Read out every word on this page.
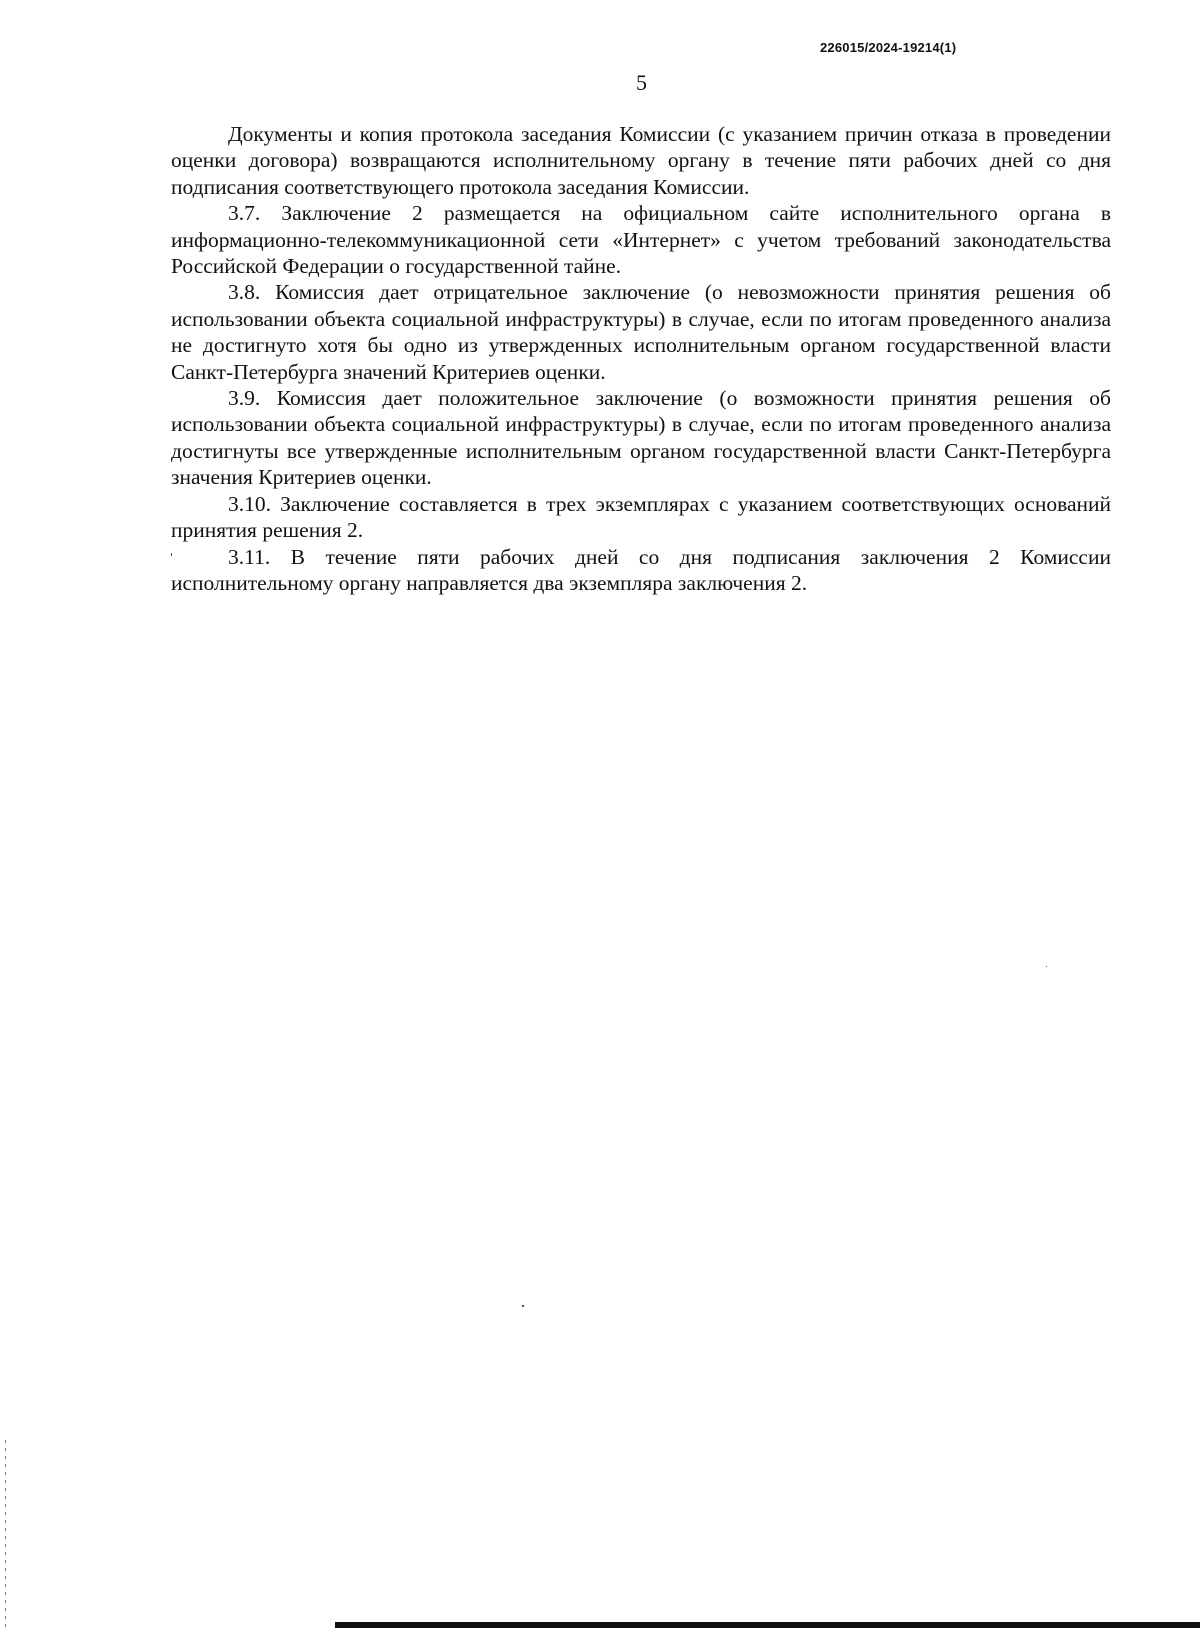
226015/2024-19214(1)
5

Документы и копия протокола заседания Комиссии (с указанием причин отказа в проведении оценки договора) возвращаются исполнительному органу в течение пяти рабочих дней со дня подписания соответствующего протокола заседания Комиссии.

3.7. Заключение 2 размещается на официальном сайте исполнительного органа в информационно-телекоммуникационной сети «Интернет» с учетом требований законодательства Российской Федерации о государственной тайне.

3.8. Комиссия дает отрицательное заключение (о невозможности принятия решения об использовании объекта социальной инфраструктуры) в случае, если по итогам проведенного анализа не достигнуто хотя бы одно из утвержденных исполнительным органом государственной власти Санкт-Петербурга значений Критериев оценки.

3.9. Комиссия дает положительное заключение (о возможности принятия решения об использовании объекта социальной инфраструктуры) в случае, если по итогам проведенного анализа достигнуты все утвержденные исполнительным органом государственной власти Санкт-Петербурга значения Критериев оценки.

3.10. Заключение составляется в трех экземплярах с указанием соответствующих оснований принятия решения 2.

3.11. В течение пяти рабочих дней со дня подписания заключения 2 Комиссии исполнительному органу направляется два экземпляра заключения 2.
